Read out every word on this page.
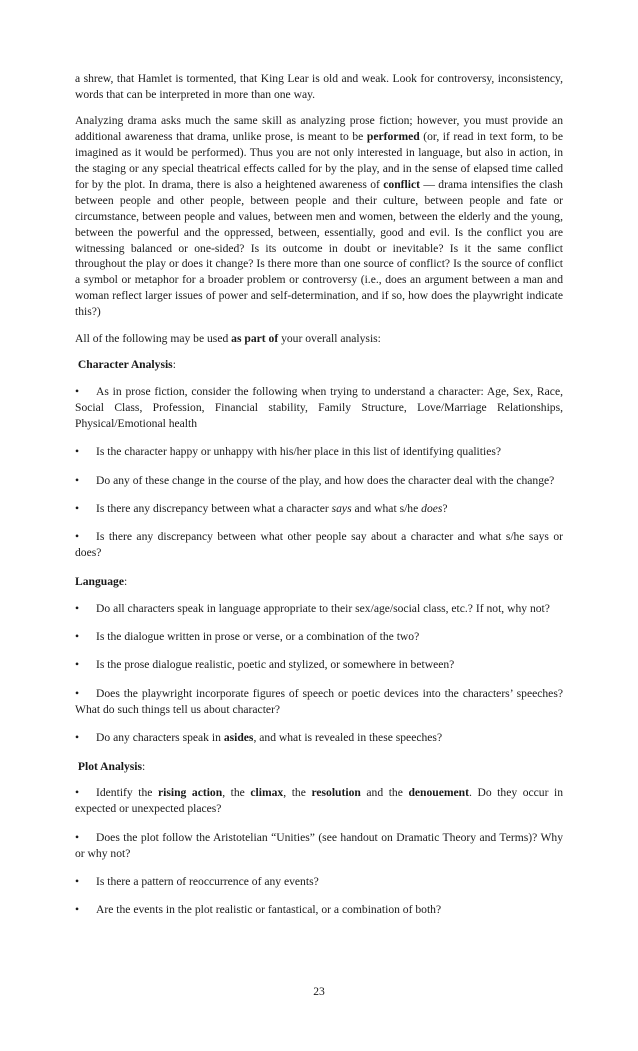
a shrew, that Hamlet is tormented, that King Lear is old and weak. Look for controversy, inconsistency, words that can be interpreted in more than one way.

Analyzing drama asks much the same skill as analyzing prose fiction; however, you must provide an additional awareness that drama, unlike prose, is meant to be performed (or, if read in text form, to be imagined as it would be performed). Thus you are not only interested in language, but also in action, in the staging or any special theatrical effects called for by the play, and in the sense of elapsed time called for by the plot. In drama, there is also a heightened awareness of conflict — drama intensifies the clash between people and other people, between people and their culture, between people and fate or circumstance, between people and values, between men and women, between the elderly and the young, between the powerful and the oppressed, between, essentially, good and evil. Is the conflict you are witnessing balanced or one-sided? Is its outcome in doubt or inevitable? Is it the same conflict throughout the play or does it change? Is there more than one source of conflict? Is the source of conflict a symbol or metaphor for a broader problem or controversy (i.e., does an argument between a man and woman reflect larger issues of power and self-determination, and if so, how does the playwright indicate this?)

All of the following may be used as part of your overall analysis:

Character Analysis:

• As in prose fiction, consider the following when trying to understand a character: Age, Sex, Race, Social Class, Profession, Financial stability, Family Structure, Love/Marriage Relationships, Physical/Emotional health

• Is the character happy or unhappy with his/her place in this list of identifying qualities?

• Do any of these change in the course of the play, and how does the character deal with the change?

• Is there any discrepancy between what a character says and what s/he does?

• Is there any discrepancy between what other people say about a character and what s/he says or does?

Language:

• Do all characters speak in language appropriate to their sex/age/social class, etc.? If not, why not?

• Is the dialogue written in prose or verse, or a combination of the two?

• Is the prose dialogue realistic, poetic and stylized, or somewhere in between?

• Does the playwright incorporate figures of speech or poetic devices into the characters’ speeches? What do such things tell us about character?

• Do any characters speak in asides, and what is revealed in these speeches?

Plot Analysis:

• Identify the rising action, the climax, the resolution and the denouement. Do they occur in expected or unexpected places?

• Does the plot follow the Aristotelian “Unities” (see handout on Dramatic Theory and Terms)? Why or why not?

• Is there a pattern of reoccurrence of any events?

• Are the events in the plot realistic or fantastical, or a combination of both?

23
